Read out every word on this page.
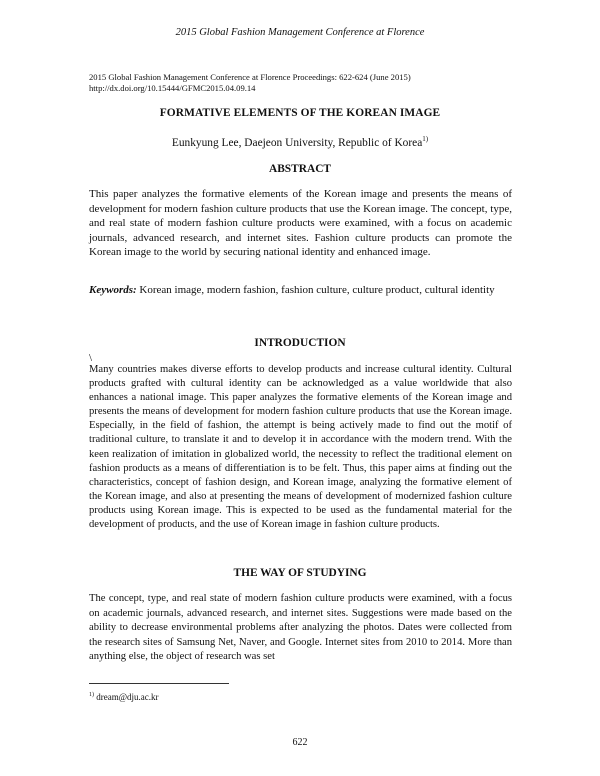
2015 Global Fashion Management Conference at Florence
2015 Global Fashion Management Conference at Florence Proceedings: 622-624 (June 2015)
http://dx.doi.org/10.15444/GFMC2015.04.09.14
FORMATIVE ELEMENTS OF THE KOREAN IMAGE
Eunkyung Lee, Daejeon University, Republic of Korea$^{1)}$
ABSTRACT
This paper analyzes the formative elements of the Korean image and presents the means of development for modern fashion culture products that use the Korean image. The concept, type, and real state of modern fashion culture products were examined, with a focus on academic journals, advanced research, and internet sites. Fashion culture products can promote the Korean image to the world by securing national identity and enhanced image.
Keywords: Korean image, modern fashion, fashion culture, culture product, cultural identity
INTRODUCTION
\
Many countries makes diverse efforts to develop products and increase cultural identity. Cultural products grafted with cultural identity can be acknowledged as a value worldwide that also enhances a national image. This paper analyzes the formative elements of the Korean image and presents the means of development for modern fashion culture products that use the Korean image. Especially, in the field of fashion, the attempt is being actively made to find out the motif of traditional culture, to translate it and to develop it in accordance with the modern trend. With the keen realization of imitation in globalized world, the necessity to reflect the traditional element on fashion products as a means of differentiation is to be felt. Thus, this paper aims at finding out the characteristics, concept of fashion design, and Korean image, analyzing the formative element of the Korean image, and also at presenting the means of development of modernized fashion culture products using Korean image. This is expected to be used as the fundamental material for the development of products, and the use of Korean image in fashion culture products.
THE WAY OF STUDYING
The concept, type, and real state of modern fashion culture products were examined, with a focus on academic journals, advanced research, and internet sites. Suggestions were made based on the ability to decrease environmental problems after analyzing the photos. Dates were collected from the research sites of Samsung Net, Naver, and Google. Internet sites from 2010 to 2014. More than anything else, the object of research was set
$^{1)}$ dream@dju.ac.kr
622
